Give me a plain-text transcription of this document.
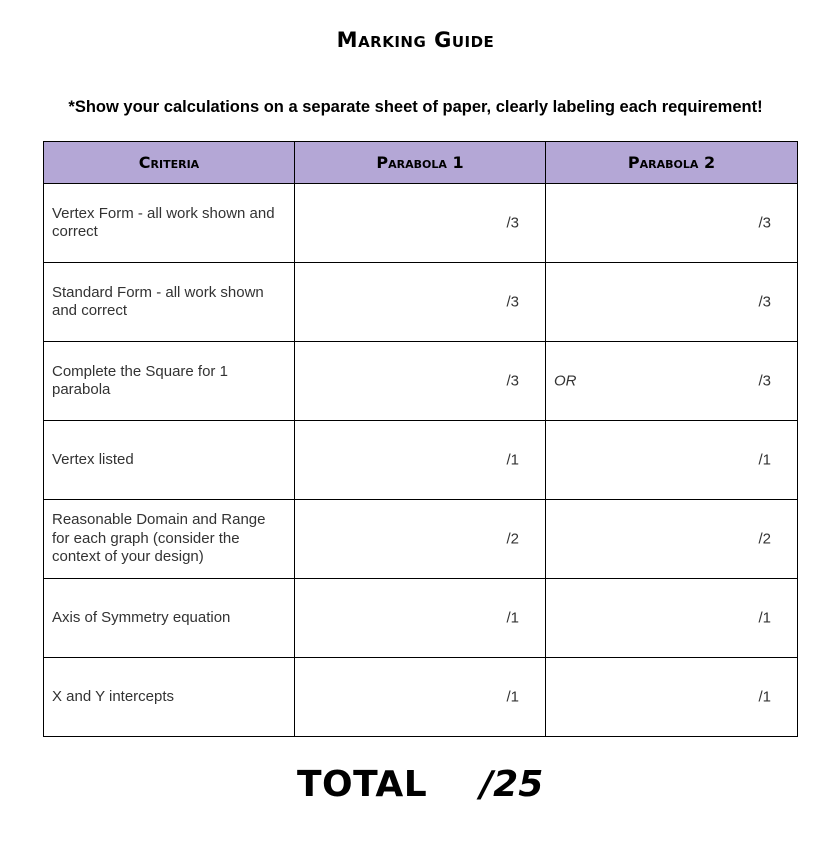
Marking Guide

*Show your calculations on a separate sheet of paper, clearly labeling each requirement!

Criteria	Parabola 1	Parabola 2
Vertex Form - all work shown and correct	/3	/3

Standard Form - all work shown and correct	/3	/3

Complete the Square for 1 parabola	/3	OR /3

Vertex listed	/1	/1

Reasonable Domain and Range for each graph (consider the context of your design)	/2	/2

Axis of Symmetry equation	/1	/1

X and Y intercepts	/1	/1
TOTAL /25
